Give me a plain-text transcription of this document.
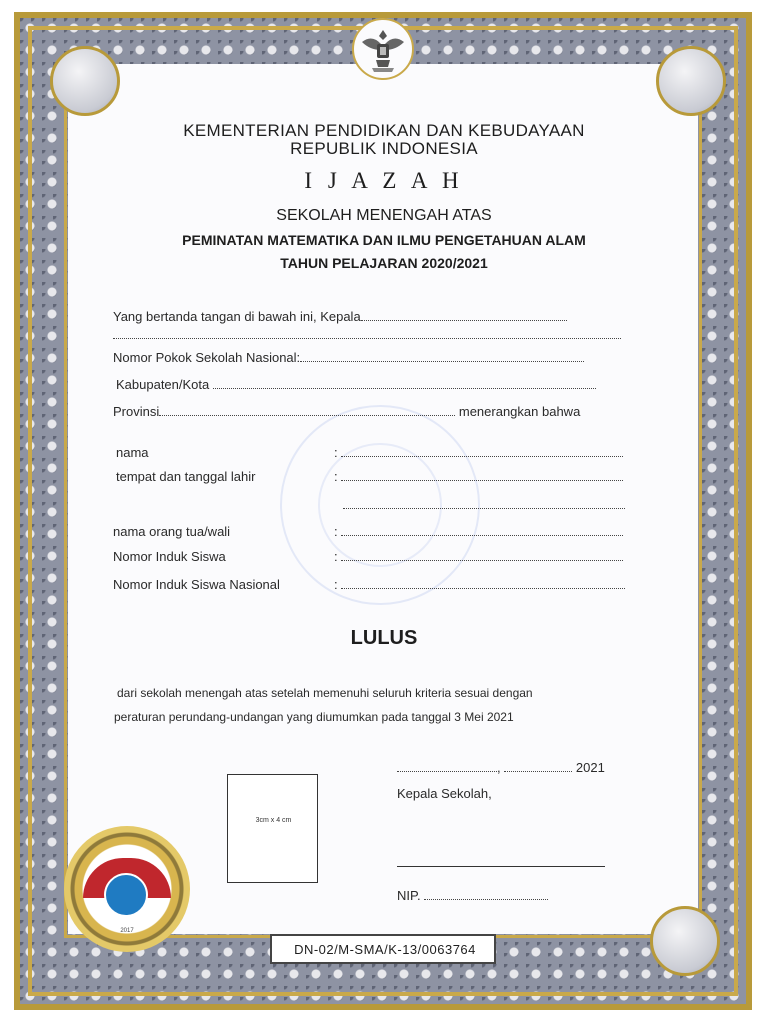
KEMENTERIAN PENDIDIKAN DAN KEBUDAYAAN
REPUBLIK INDONESIA
I J A Z A H
SEKOLAH MENENGAH ATAS
PEMINATAN MATEMATIKA DAN ILMU PENGETAHUAN ALAM
TAHUN PELAJARAN 2020/2021
Yang bertanda tangan di bawah ini, Kepala
Nomor Pokok Sekolah Nasional:
Kabupaten/Kota
Provinsi	menerangkan bahwa
nama	:
tempat dan tanggal lahir	:
nama orang tua/wali	:
Nomor Induk Siswa	:
Nomor Induk Siswa Nasional	:
LULUS
dari sekolah menengah atas setelah memenuhi seluruh kriteria sesuai dengan
peraturan perundang-undangan yang diumumkan pada tanggal 3 Mei 2021
,	2021
Kepala Sekolah,
NIP.
3cm x 4 cm
2017
DN-02/M-SMA/K-13/0063764
